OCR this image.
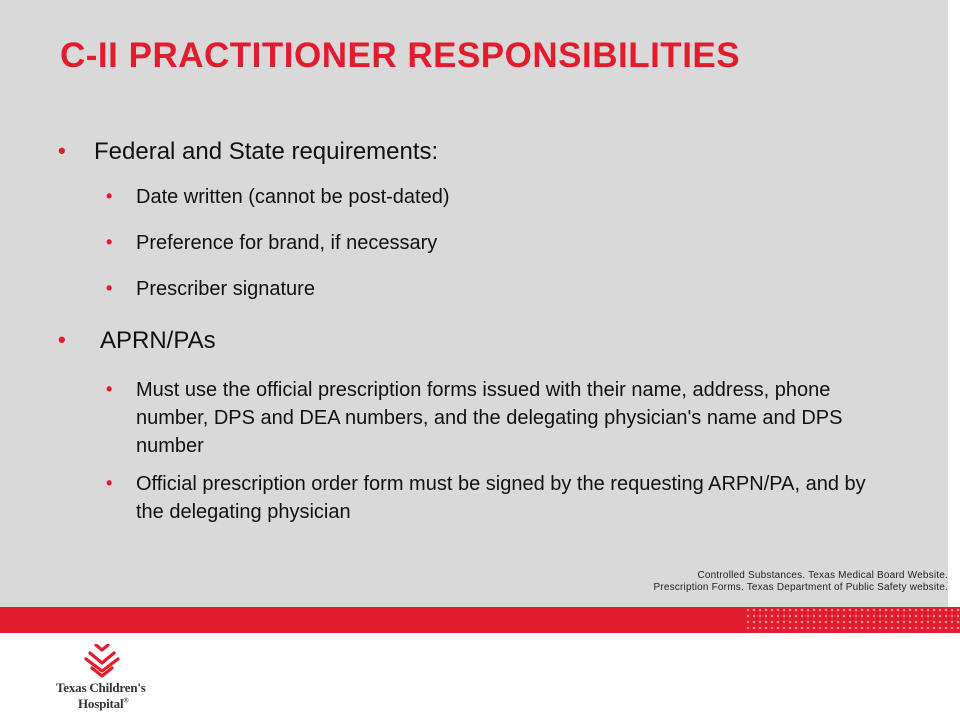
C-II PRACTITIONER RESPONSIBILITIES

• Federal and State requirements:

• Date written (cannot be post-dated)

• Preference for brand, if necessary

• Prescriber signature

• APRN/PAs

• Must use the official prescription forms issued with their name, address, phone number, DPS and DEA numbers, and the delegating physician's name and DPS number

• Official prescription order form must be signed by the requesting ARPN/PA, and by the delegating physician

Controlled Substances. Texas Medical Board Website.
Prescription Forms. Texas Department of Public Safety website.
Texas Children's
Hospital®
